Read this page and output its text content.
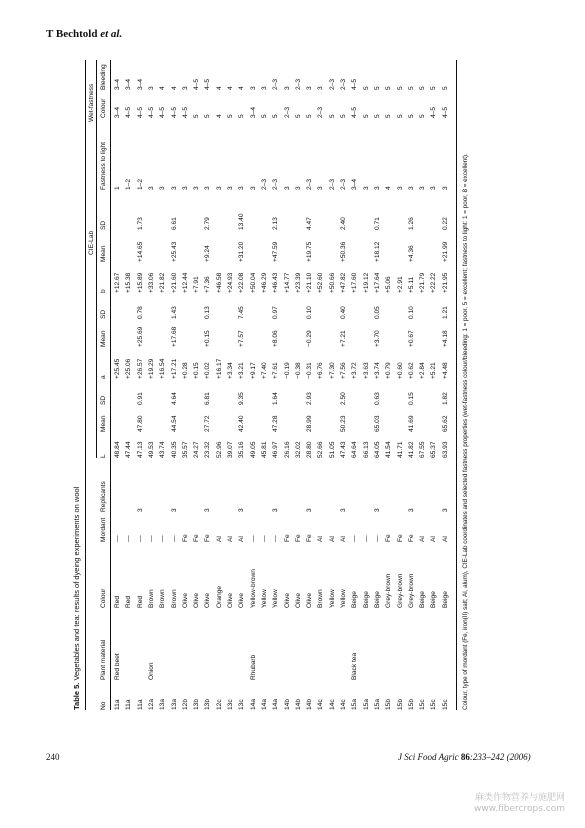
T Bechtold et al.
Table 5. Vegetables and tea: results of dyeing experiments on wool
CIE-Lab
Wet-fastness
No
Plant material
Colour
Mordant
Replicants
L
Mean
SD
a
Mean
SD
b
Mean
SD
Fastness to light
Colour
Bleeding
11a
Red beet
Red
—
48.84
+25.45
+12.67
1
3–4
3–4
11a
Red
—
47.44
+25.06
+15.38
1–2
4–5
3–4
11a
Red
—
3
47.13
47.80
0.91
+26.57
+25.69
0.78
+15.89
+14.65
1.73
1–2
4–5
3–4
12a
Onion
Brown
—
49.53
+19.29
+33.06
3
4–5
3
13a
Brown
—
43.74
+16.54
+21.82
3
4–5
4
13a
Brown
—
3
40.35
44.54
4.64
+17.21
+17.68
1.43
+21.60
+25.43
6.61
3
4–5
4
12b
Olive
Fe
35.57
+0.28
+12.44
3
4–5
3
13b
Olive
Fe
24.27
+0.15
+7.91
3
5
4–5
13b
Olive
Fe
3
23.32
27.72
6.81
+0.02
+0.15
0.13
+7.36
+9.24
2.79
3
5
4–5
12c
Orange
Al
52.96
+16.17
+46.58
3
4
4
13c
Olive
Al
39.07
+3.34
+24.93
3
5
4
13c
Olive
Al
3
35.16
42.40
9.35
+3.21
+7.57
7.45
+22.08
+31.20
13.40
3
5
4
14a
Rhubarb
Yellow-brown
—
49.05
+9.17
+50.04
3
3–4
3
14a
Yellow
—
45.81
+7.40
+46.29
2–3
5
3
14a
Yellow
—
3
46.97
47.28
1.64
+7.61
+8.06
0.97
+46.43
+47.59
2.13
2–3
5
2–3
14b
Olive
Fe
26.16
−0.19
+14.77
3
2–3
3
14b
Olive
Fe
32.02
−0.38
+23.39
3
5
2–3
14b
Olive
Fe
3
28.80
28.99
2.93
−0.31
−0.29
0.10
+21.10
+19.75
4.47
2–3
5
3
14c
Brown
Al
52.66
+6.76
+52.60
3
2–3
3
14c
Yellow
Al
51.05
+7.30
+50.66
2–3
5
2–3
14c
Yellow
Al
3
47.43
50.23
2.50
+7.56
+7.21
0.40
+47.82
+50.36
2.40
2–3
5
2–3
15a
Black tea
Beige
—
64.64
+3.72
+17.60
3–4
4–5
4–5
15a
Beige
—
66.13
+3.63
+19.12
3
5
5
15a
Beige
—
3
64.05
65.03
0.63
+3.74
+3.70
0.05
+17.64
+18.12
0.71
3
5
5
15b
Grey-brown
Fe
41.54
+0.79
+5.06
4
5
5
15b
Grey-brown
Fe
41.71
+0.60
+2.91
3
5
5
15b
Grey-brown
Fe
3
41.82
41.69
0.15
+0.62
+0.67
0.10
+5.11
+4.36
1.26
3
5
5
15c
Beige
Al
67.55
+2.84
+21.79
3
5
5
15c
Beige
Al
65.37
+5.21
+22.22
3
4–5
5
15c
Beige
Al
3
63.93
65.62
1.82
+4.48
+4.18
1.21
+21.95
+21.99
0.22
3
4–5
5
Colour, type of mordant (Fe, iron(II) salt; Al, alum), CIE-Lab coordinates and selected fastness properties (wet-fastness colour/bleeding: 1 = poor, 5 = excellent; fastness to light: 1 = poor, 8 = excellent).
240	J Sci Food Agric 86:233–242 (2006)
麻类作物营养与施肥网
www.fibercrops.com
